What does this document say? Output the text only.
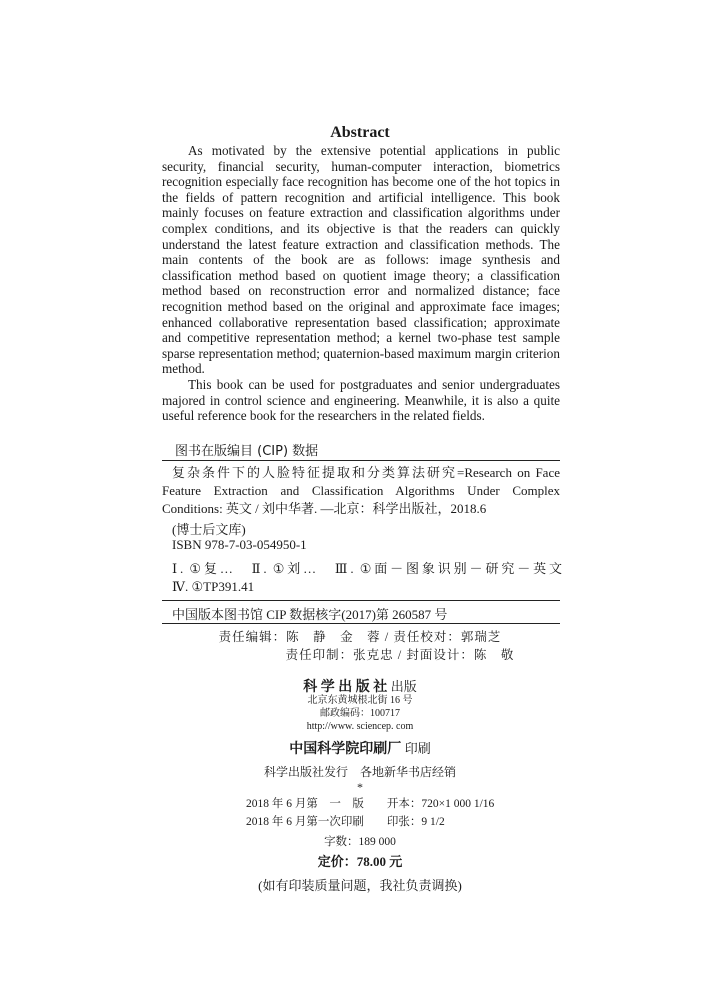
Abstract

As motivated by the extensive potential applications in public security, financial security, human-computer interaction, biometrics recognition especially face recognition has become one of the hot topics in the fields of pattern recognition and artificial intelligence. This book mainly focuses on feature extraction and classification algorithms under complex conditions, and its objective is that the readers can quickly understand the latest feature extraction and classification methods. The main contents of the book are as follows: image synthesis and classification method based on quotient image theory; a classification method based on reconstruction error and normalized distance; face recognition method based on the original and approximate face images; enhanced collaborative representation based classification; approximate and competitive representation method; a kernel two-phase test sample sparse representation method; quaternion-based maximum margin criterion method.

This book can be used for postgraduates and senior undergraduates majored in control science and engineering. Meanwhile, it is also a quite useful reference book for the researchers in the related fields.

图书在版编目 (CIP) 数据
复杂条件下的人脸特征提取和分类算法研究=Research on Face
Feature Extraction and Classification Algorithms Under Complex
Conditions: 英文 / 刘中华著. —北京：科学出版社，2018.6
(博士后文库)
ISBN 978-7-03-054950-1
Ⅰ. ①复…　Ⅱ. ①刘…　Ⅲ. ①面－图象识别－研究－英文
Ⅳ. ①TP391.41
中国版本图书馆 CIP 数据核字(2017)第 260587 号
责任编辑：陈　静　金　蓉 / 责任校对：郭瑞芝
责任印制：张克忠 / 封面设计：陈　敬
科 学 出 版 社 出版
北京东黄城根北街 16 号
邮政编码：100717
http://www. sciencep. com
中国科学院印刷厂 印刷
科学出版社发行　各地新华书店经销
*
2018 年 6 月第　一　版　　开本：720×1 000 1/16
2018 年 6 月第一次印刷　　印张：9 1/2
字数：189 000
定价：78.00 元
(如有印装质量问题，我社负责调换)
